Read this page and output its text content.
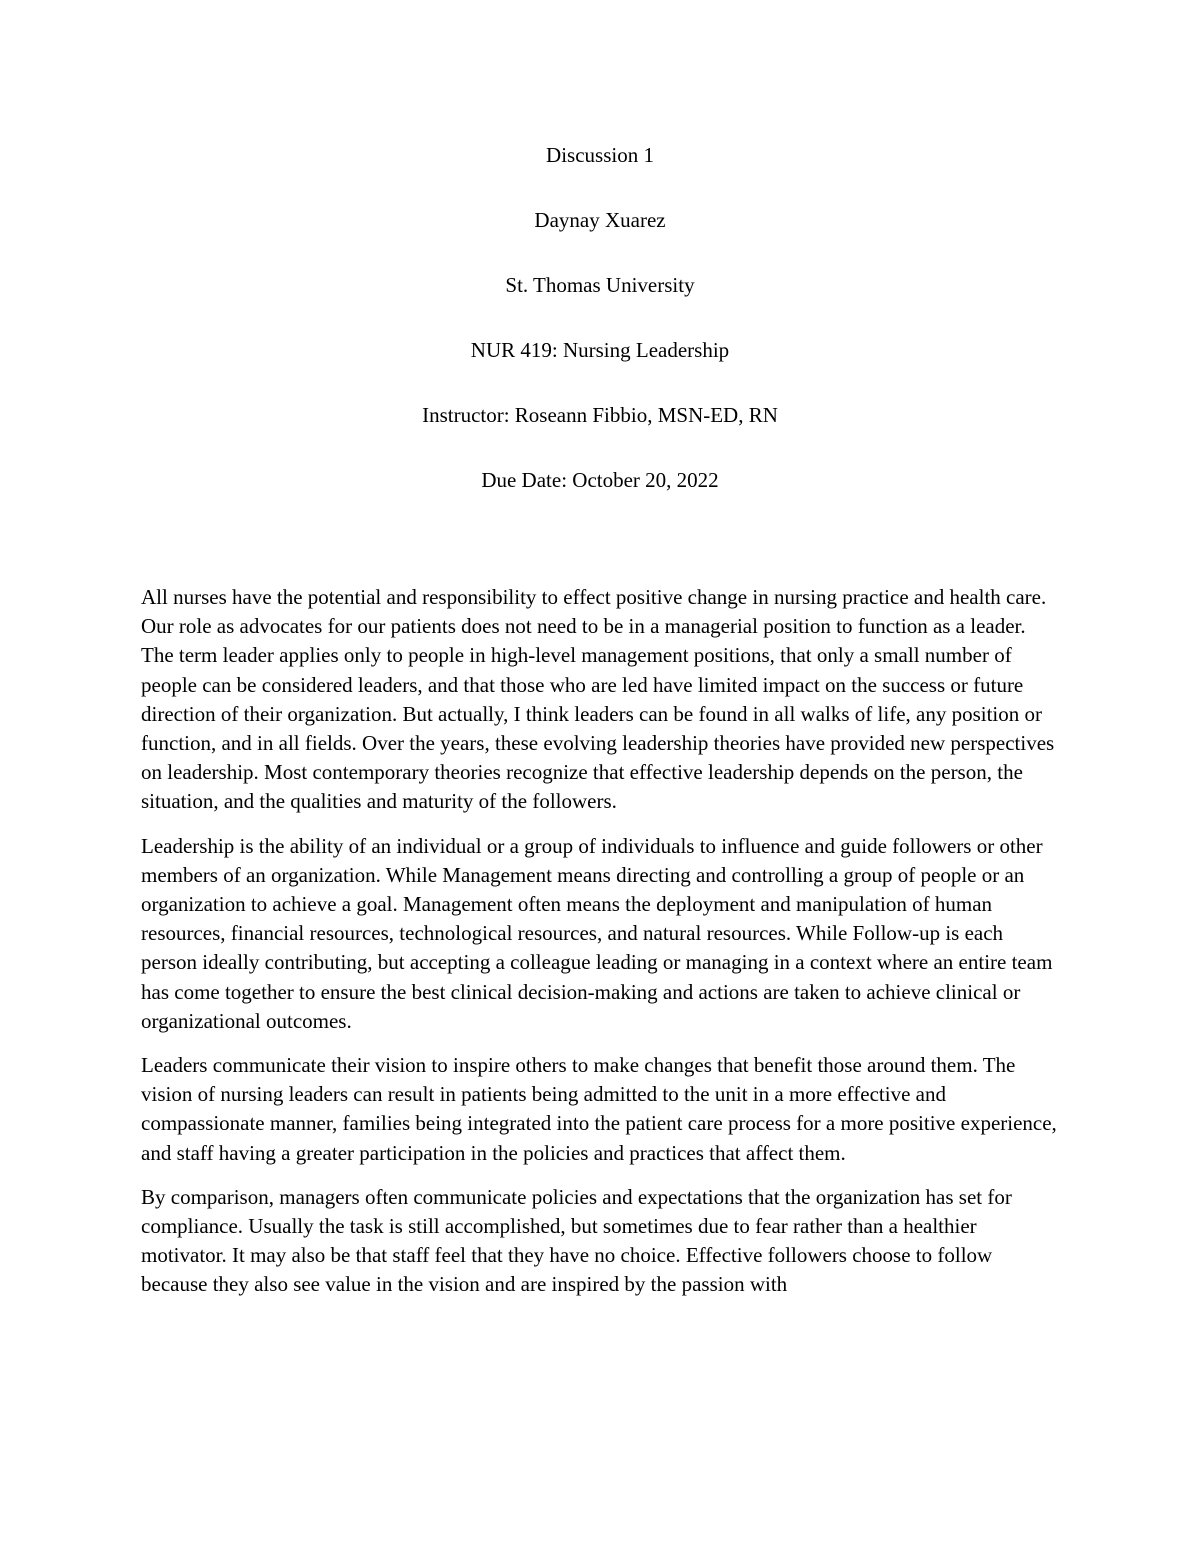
Discussion 1
Daynay Xuarez
St. Thomas University
NUR 419: Nursing Leadership
Instructor: Roseann Fibbio, MSN-ED, RN
Due Date: October 20, 2022

All nurses have the potential and responsibility to effect positive change in nursing practice and health care. Our role as advocates for our patients does not need to be in a managerial position to function as a leader. The term leader applies only to people in high-level management positions, that only a small number of people can be considered leaders, and that those who are led have limited impact on the success or future direction of their organization. But actually, I think leaders can be found in all walks of life, any position or function, and in all fields. Over the years, these evolving leadership theories have provided new perspectives on leadership. Most contemporary theories recognize that effective leadership depends on the person, the situation, and the qualities and maturity of the followers.

Leadership is the ability of an individual or a group of individuals to influence and guide followers or other members of an organization. While Management means directing and controlling a group of people or an organization to achieve a goal. Management often means the deployment and manipulation of human resources, financial resources, technological resources, and natural resources. While Follow-up is each person ideally contributing, but accepting a colleague leading or managing in a context where an entire team has come together to ensure the best clinical decision-making and actions are taken to achieve clinical or organizational outcomes.

Leaders communicate their vision to inspire others to make changes that benefit those around them. The vision of nursing leaders can result in patients being admitted to the unit in a more effective and compassionate manner, families being integrated into the patient care process for a more positive experience, and staff having a greater participation in the policies and practices that affect them.

By comparison, managers often communicate policies and expectations that the organization has set for compliance. Usually the task is still accomplished, but sometimes due to fear rather than a healthier motivator. It may also be that staff feel that they have no choice. Effective followers choose to follow because they also see value in the vision and are inspired by the passion with
